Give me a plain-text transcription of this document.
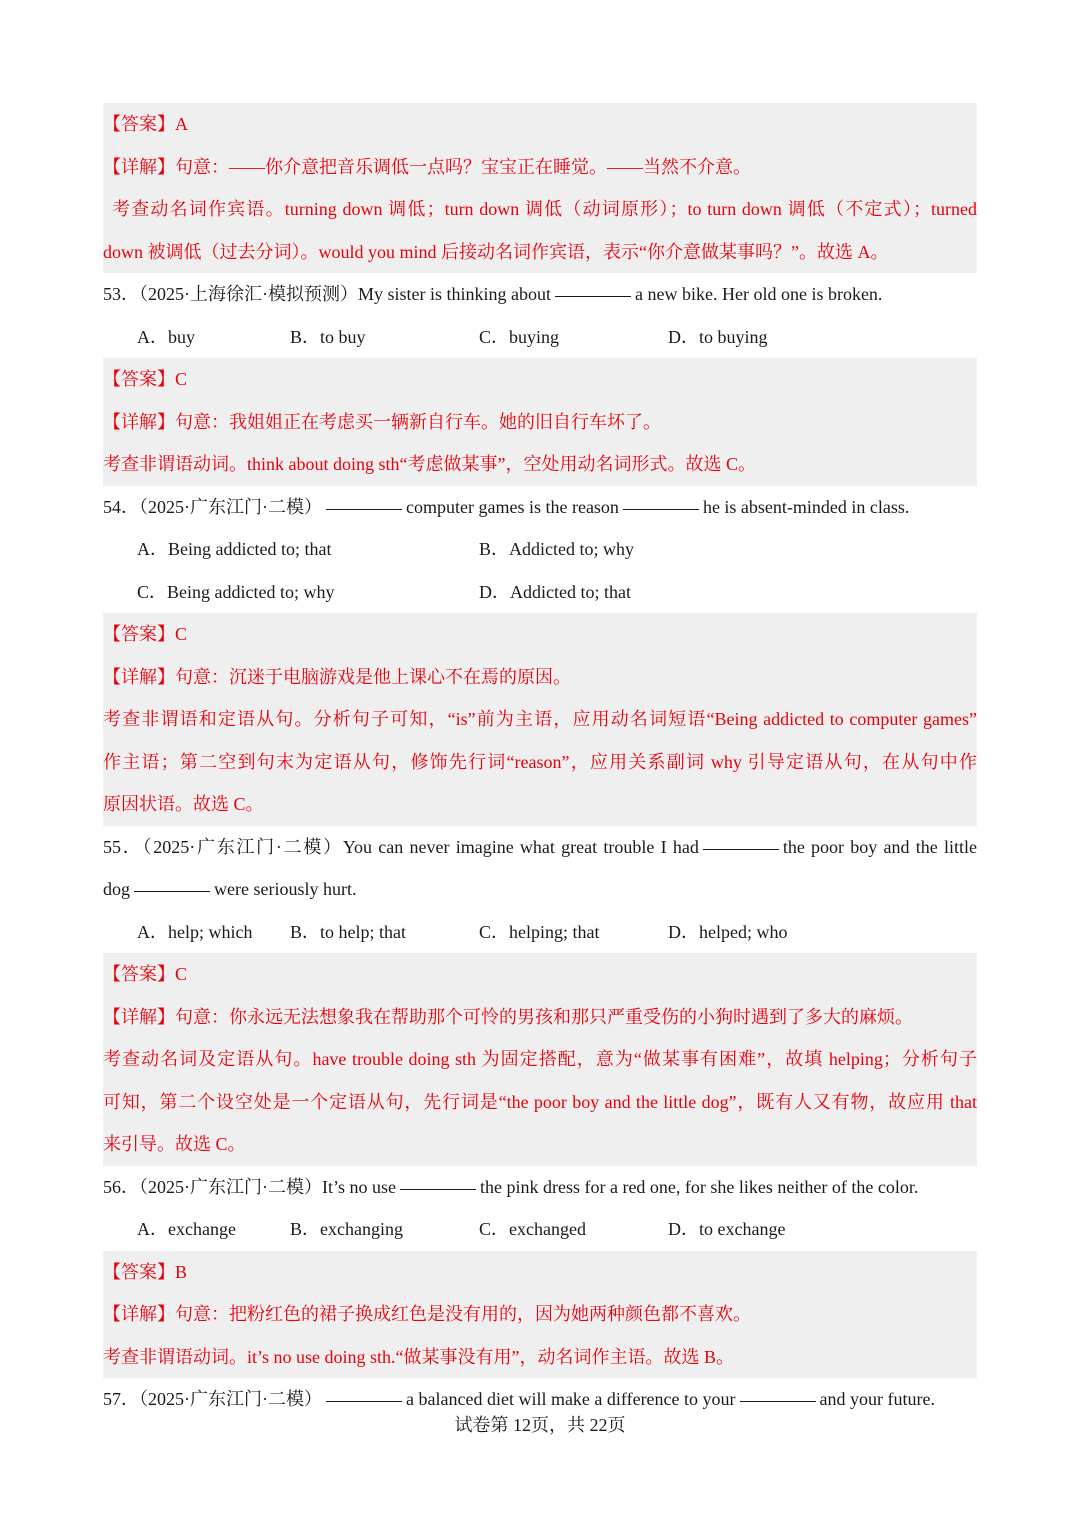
【答案】A
【详解】句意：——你介意把音乐调低一点吗？宝宝正在睡觉。——当然不介意。
考查动名词作宾语。turning down 调低；turn down 调低（动词原形）；to turn down 调低（不定式）；turned
down 被调低（过去分词）。would you mind 后接动名词作宾语，表示“你介意做某事吗？”。故选 A。
53．（2025·上海徐汇·模拟预测）My sister is thinking about	a new bike. Her old one is broken.
A．buy	B．to buy	C．buying	D．to buying
【答案】C
【详解】句意：我姐姐正在考虑买一辆新自行车。她的旧自行车坏了。
考查非谓语动词。think about doing sth“考虑做某事”，空处用动名词形式。故选 C。
54．（2025·广东江门·二模）	computer games is the reason	he is absent-minded in class.
A．Being addicted to; that	B．Addicted to; why
C．Being addicted to; why	D．Addicted to; that
【答案】C
【详解】句意：沉迷于电脑游戏是他上课心不在焉的原因。
考查非谓语和定语从句。分析句子可知，“is”前为主语，应用动名词短语“Being addicted to computer games”
作主语；第二空到句末为定语从句，修饰先行词“reason”，应用关系副词 why 引导定语从句，在从句中作
原因状语。故选 C。
55．（2025·广东江门·二模）You can never imagine what great trouble I had	the poor boy and the little
dog	were seriously hurt.
A．help; which B．to help; that	C．helping; that	D．helped; who
【答案】C
【详解】句意：你永远无法想象我在帮助那个可怜的男孩和那只严重受伤的小狗时遇到了多大的麻烦。
考查动名词及定语从句。have trouble doing sth 为固定搭配，意为“做某事有困难”，故填 helping；分析句子
可知，第二个设空处是一个定语从句，先行词是“the poor boy and the little dog”，既有人又有物，故应用 that
来引导。故选 C。
56．（2025·广东江门·二模）It’s no use	the pink dress for a red one, for she likes neither of the color.
A．exchange	B．exchanging	C．exchanged	D．to exchange
【答案】B
【详解】句意：把粉红色的裙子换成红色是没有用的，因为她两种颜色都不喜欢。
考查非谓语动词。it’s no use doing sth.“做某事没有用”，动名词作主语。故选 B。
57．（2025·广东江门·二模）	a balanced diet will make a difference to your	and your future.
试卷第 12页，共 22页
